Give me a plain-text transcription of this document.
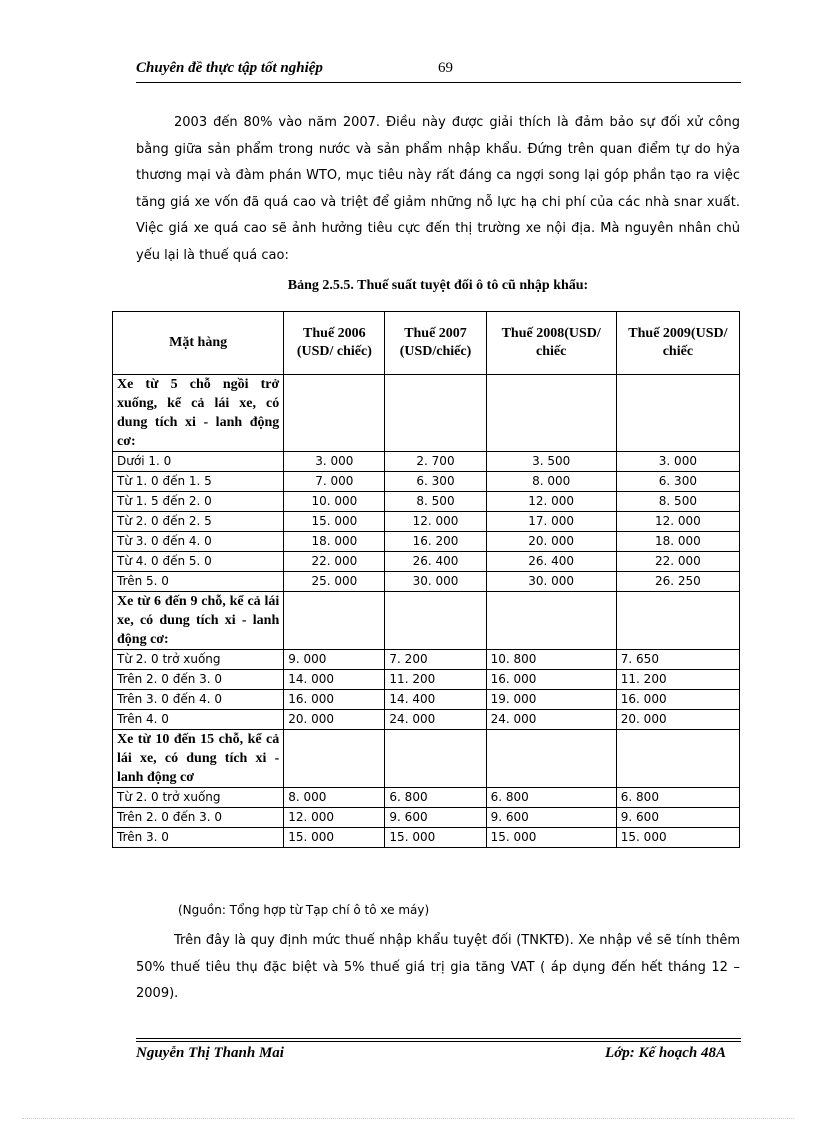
Chuyên đề thực tập tốt nghiệp	69
2003 đến 80% vào năm 2007. Điều này được giải thích là đảm bảo sự đối xử công bằng giữa sản phẩm trong nước và sản phẩm nhập khẩu. Đứng trên quan điểm tự do hỷa thương mại và đàm phán WTO, mục tiêu này rất đáng ca ngợi song lại góp phần tạo ra việc tăng giá xe vốn đã quá cao và triệt để giảm những nỗ lực hạ chi phí của các nhà snar xuất. Việc giá xe quá cao sẽ ảnh hưởng tiêu cực đến thị trường xe nội địa. Mà nguyên nhân chủ yếu lại là thuế quá cao:
Bảng 2.5.5. Thuế suất tuyệt đối ô tô cũ nhập khẩu:
Mặt hàng	Thuế 2006 (USD/ chiếc)	Thuế 2007 (USD/chiếc)	Thuế 2008(USD/ chiếc	Thuế 2009(USD/ chiếc
Xe từ 5 chỗ ngồi trở xuống, kể cả lái xe, có dung tích xi - lanh động cơ:				
Dưới 1. 0	3. 000	2. 700	3. 500	3. 000
Từ 1. 0 đến 1. 5	7. 000	6. 300	8. 000	6. 300
Từ 1. 5 đến 2. 0	10. 000	8. 500	12. 000	8. 500
Từ 2. 0 đến 2. 5	15. 000	12. 000	17. 000	12. 000
Từ 3. 0 đến 4. 0	18. 000	16. 200	20. 000	18. 000
Từ 4. 0 đến 5. 0	22. 000	26. 400	26. 400	22. 000
Trên 5. 0	25. 000	30. 000	30. 000	26. 250
Xe từ 6 đến 9 chỗ, kể cả lái xe, có dung tích xi - lanh động cơ:				
Từ 2. 0 trở xuống	9. 000	7. 200	10. 800	7. 650
Trên 2. 0 đến 3. 0	14. 000	11. 200	16. 000	11. 200
Trên 3. 0 đến 4. 0	16. 000	14. 400	19. 000	16. 000
Trên 4. 0	20. 000	24. 000	24. 000	20. 000
Xe từ 10 đến 15 chỗ, kể cả lái xe, có dung tích xi - lanh động cơ				
Từ 2. 0 trở xuống	8. 000	6. 800	6. 800	6. 800
Trên 2. 0 đến 3. 0	12. 000	9. 600	9. 600	9. 600
Trên 3. 0	15. 000	15. 000	15. 000	15. 000
(Nguồn: Tổng hợp từ Tạp chí ô tô xe máy)
Trên đây là quy định mức thuế nhập khẩu tuyệt đối (TNKTĐ). Xe nhập về sẽ tính thêm 50% thuế tiêu thụ đặc biệt và 5% thuế giá trị gia tăng VAT ( áp dụng đến hết tháng 12 – 2009).
Nguyễn Thị Thanh Mai	Lớp: Kế hoạch 48A
